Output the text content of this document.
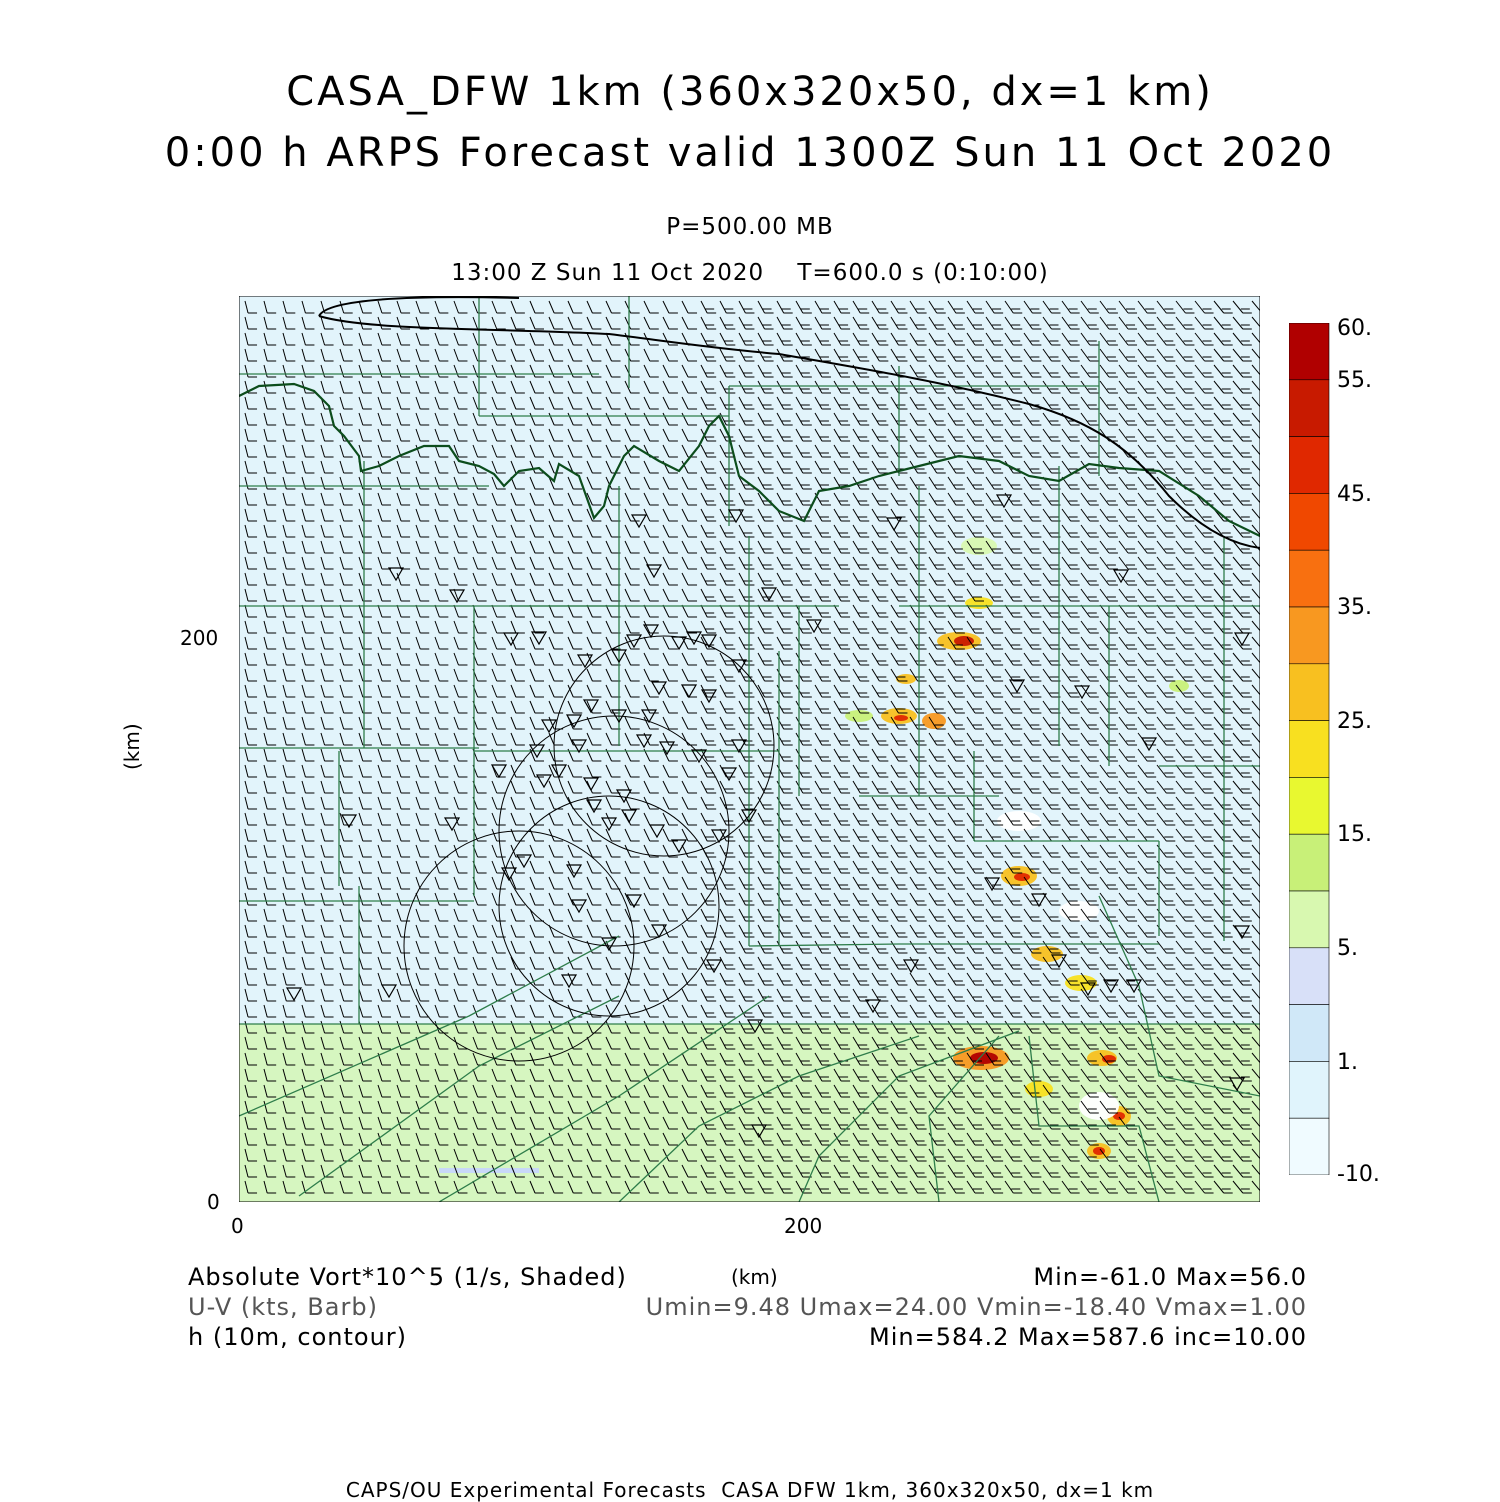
CASA_DFW 1km (360x320x50, dx=1 km)
0:00 h ARPS Forecast valid 1300Z Sun 11 Oct 2020
P=500.00 MB
13:00 Z Sun 11 Oct 2020    T=600.0 s (0:10:00)
(km)
200
0
0	200
60.
55.
45.
35.
25.
15.
5.
1.
-10.
Absolute Vort*10^5 (1/s, Shaded)
U-V (kts, Barb)
h (10m, contour)
(km)	Min=-61.0 Max=56.0
Umin=9.48 Umax=24.00 Vmin=-18.40 Vmax=1.00
Min=584.2 Max=587.6 inc=10.00
CAPS/OU Experimental Forecasts  CASA DFW 1km, 360x320x50, dx=1 km
